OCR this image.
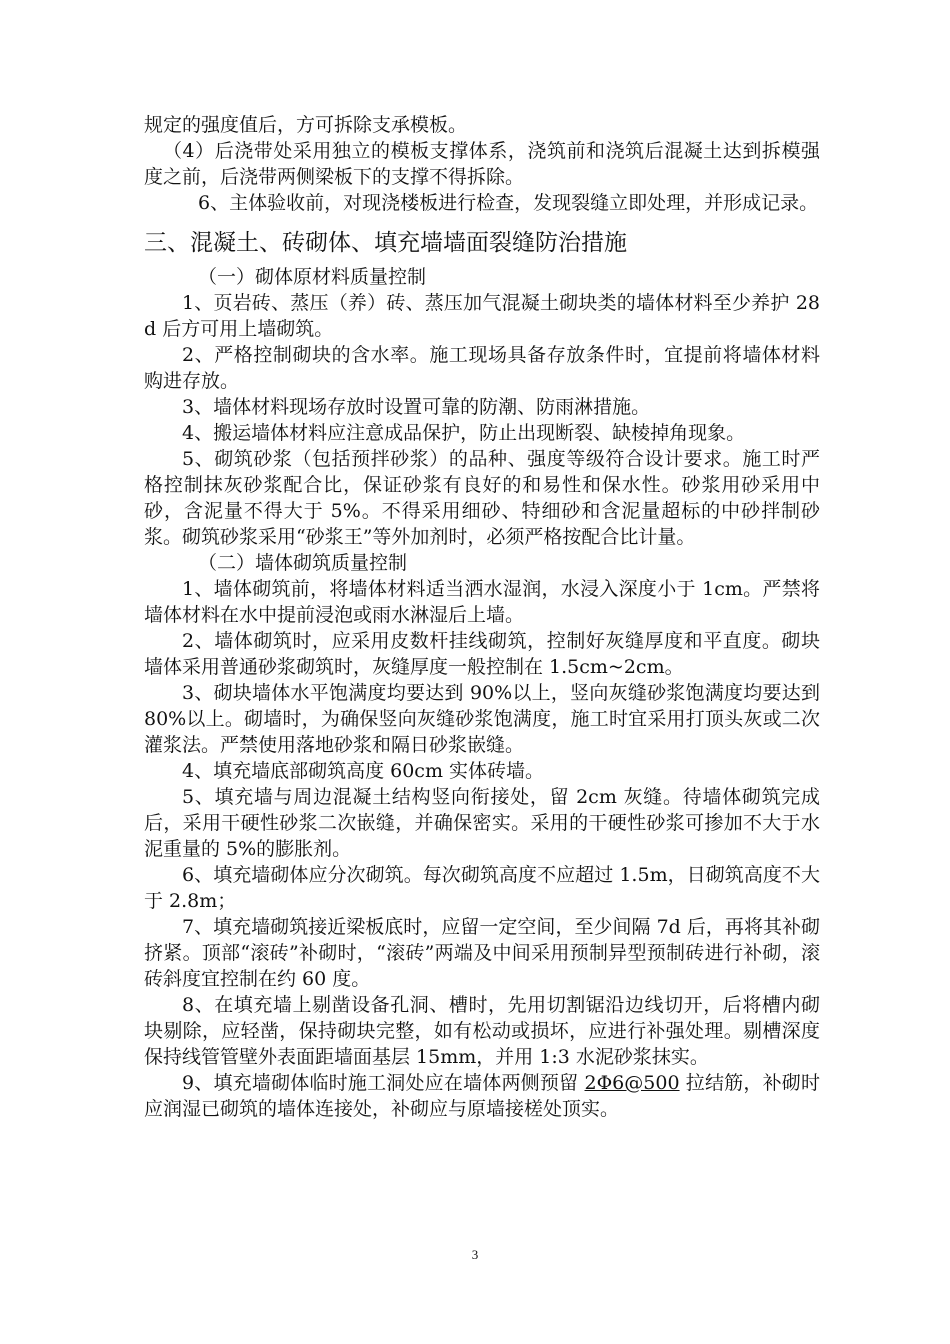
规定的强度值后，方可拆除支承模板。

（4）后浇带处采用独立的模板支撑体系，浇筑前和浇筑后混凝土达到拆模强度之前，后浇带两侧梁板下的支撑不得拆除。

6、主体验收前，对现浇楼板进行检查，发现裂缝立即处理，并形成记录。

三、混凝土、砖砌体、填充墙墙面裂缝防治措施

（一）砌体原材料质量控制

1、页岩砖、蒸压（养）砖、蒸压加气混凝土砌块类的墙体材料至少养护 28d 后方可用上墙砌筑。

2、严格控制砌块的含水率。施工现场具备存放条件时，宜提前将墙体材料购进存放。

3、墙体材料现场存放时设置可靠的防潮、防雨淋措施。

4、搬运墙体材料应注意成品保护，防止出现断裂、缺棱掉角现象。

5、砌筑砂浆（包括预拌砂浆）的品种、强度等级符合设计要求。施工时严格控制抹灰砂浆配合比，保证砂浆有良好的和易性和保水性。砂浆用砂采用中砂，含泥量不得大于 5%。不得采用细砂、特细砂和含泥量超标的中砂拌制砂浆。砌筑砂浆采用“砂浆王”等外加剂时，必须严格按配合比计量。

（二）墙体砌筑质量控制

1、墙体砌筑前，将墙体材料适当洒水湿润，水浸入深度小于 1cm。严禁将墙体材料在水中提前浸泡或雨水淋湿后上墙。

2、墙体砌筑时，应采用皮数杆挂线砌筑，控制好灰缝厚度和平直度。砌块墙体采用普通砂浆砌筑时，灰缝厚度一般控制在 1.5cm~2cm。

3、砌块墙体水平饱满度均要达到 90%以上，竖向灰缝砂浆饱满度均要达到 80%以上。砌墙时，为确保竖向灰缝砂浆饱满度，施工时宜采用打顶头灰或二次灌浆法。严禁使用落地砂浆和隔日砂浆嵌缝。

4、填充墙底部砌筑高度 60cm 实体砖墙。

5、填充墙与周边混凝土结构竖向衔接处，留 2cm 灰缝。待墙体砌筑完成后，采用干硬性砂浆二次嵌缝，并确保密实。采用的干硬性砂浆可掺加不大于水泥重量的 5%的膨胀剂。

6、填充墙砌体应分次砌筑。每次砌筑高度不应超过 1.5m，日砌筑高度不大于 2.8m；

7、填充墙砌筑接近梁板底时，应留一定空间，至少间隔 7d 后，再将其补砌挤紧。顶部“滚砖”补砌时，“滚砖”两端及中间采用预制异型预制砖进行补砌，滚砖斜度宜控制在约 60 度。

8、在填充墙上剔凿设备孔洞、槽时，先用切割锯沿边线切开，后将槽内砌块剔除，应轻凿，保持砌块完整，如有松动或损坏，应进行补强处理。剔槽深度保持线管管壁外表面距墙面基层 15mm，并用 1:3 水泥砂浆抹实。

9、填充墙砌体临时施工洞处应在墙体两侧预留 2Φ6@500 拉结筋，补砌时应润湿已砌筑的墙体连接处，补砌应与原墙接槎处顶实。

3
